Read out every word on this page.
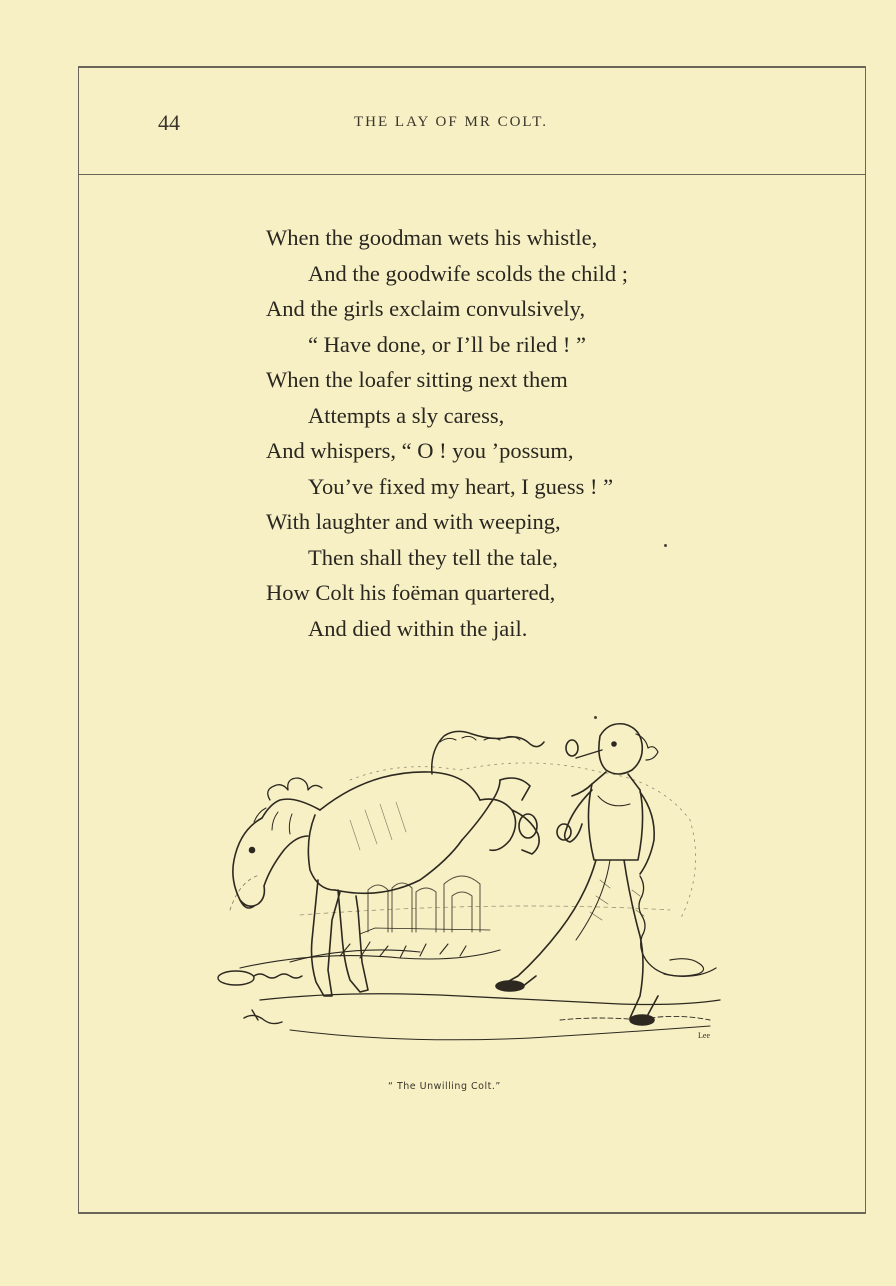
44	THE LAY OF MR COLT.
When the goodman wets his whistle,
And the goodwife scolds the child ;
And the girls exclaim convulsively,
“ Have done, or I’ll be riled ! ”
When the loafer sitting next them
Attempts a sly caress,
And whispers, “ O ! you ’possum,
You’ve fixed my heart, I guess ! ”
With laughter and with weeping,
Then shall they tell the tale,
How Colt his foëman quartered,
And died within the jail.
Lee
“ The Unwilling Colt.”
